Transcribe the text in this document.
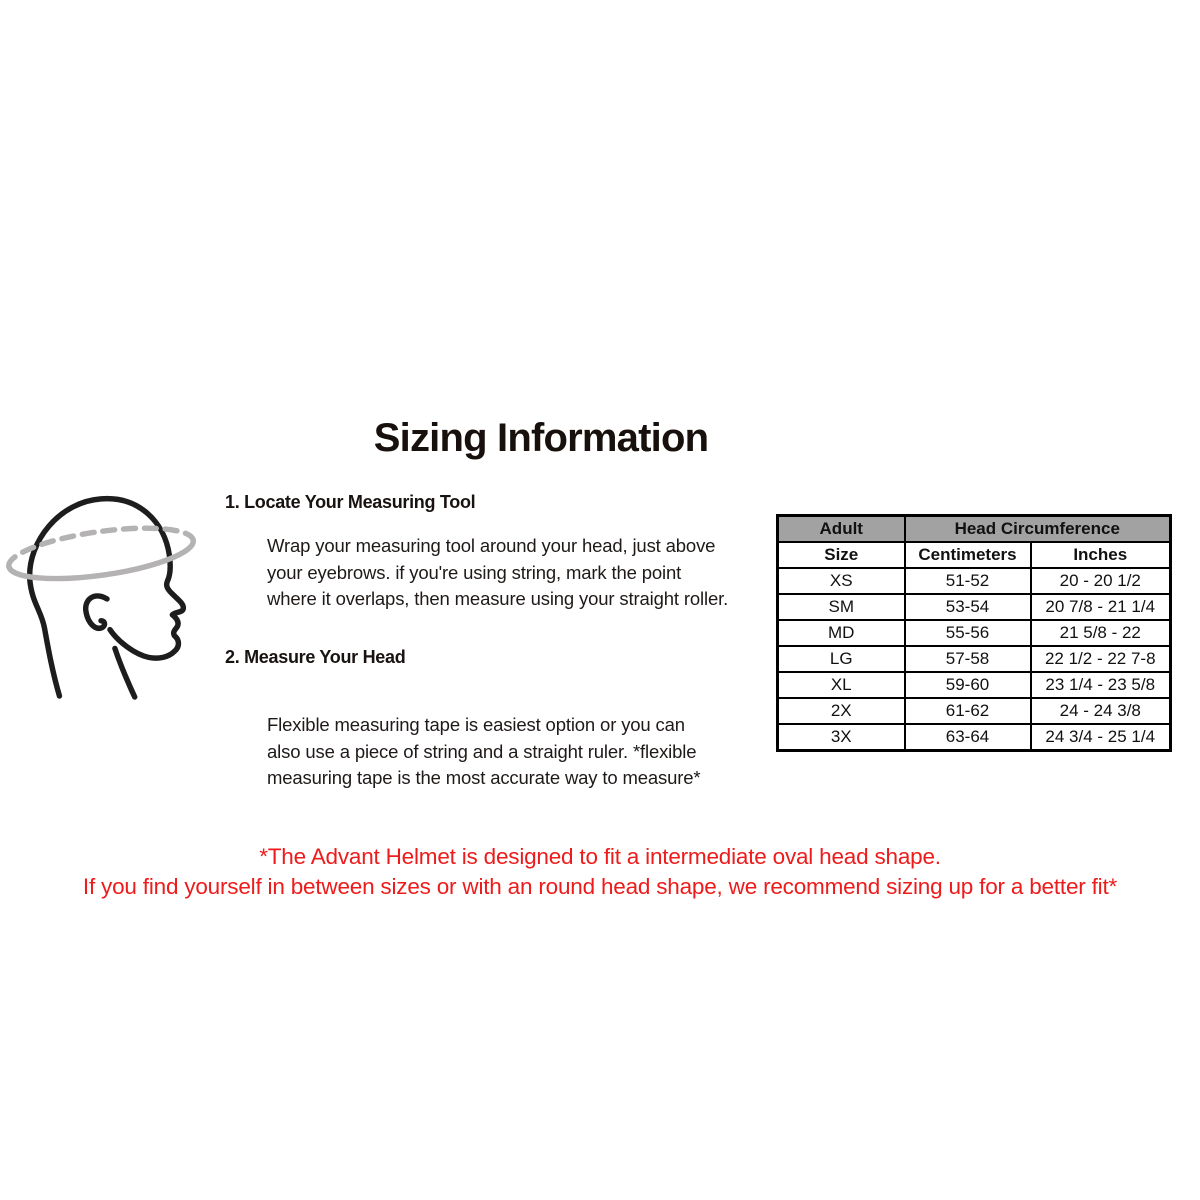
Sizing Information
1. Locate Your Measuring Tool
Wrap your measuring tool around your head, just above
your eyebrows. if you're using string, mark the point
where it overlaps, then measure using your straight roller.
2. Measure Your Head
Flexible measuring tape is easiest option or you can
also use a piece of string and a straight ruler. *flexible
measuring tape is the most accurate way to measure*
Adult	Head Circumference	
Size	Centimeters	Inches
XS	51-52	20 - 20 1/2
SM	53-54	20 7/8 - 21 1/4
MD	55-56	21 5/8 - 22
LG	57-58	22 1/2 - 22 7-8
XL	59-60	23 1/4 - 23 5/8
2X	61-62	24 - 24 3/8
3X	63-64	24 3/4 - 25 1/4
*The Advant Helmet is designed to fit a intermediate oval head shape.
If you find yourself in between sizes or with an round head shape, we recommend sizing up for a better fit*
